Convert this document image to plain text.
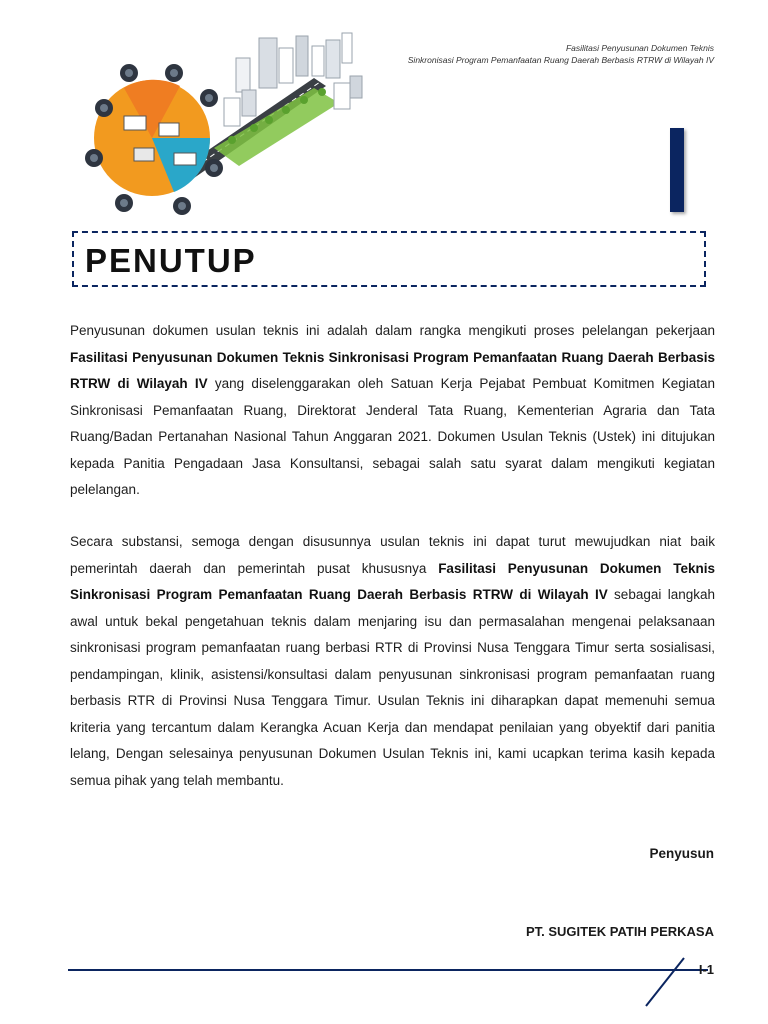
Fasilitasi Penyusunan Dokumen Teknis
Sinkronisasi Program Pemanfaatan Ruang Daerah Berbasis RTRW di Wilayah IV
PENUTUP
Penyusunan dokumen usulan teknis ini adalah dalam rangka mengikuti proses pelelangan pekerjaan Fasilitasi Penyusunan Dokumen Teknis Sinkronisasi Program Pemanfaatan Ruang Daerah Berbasis RTRW di Wilayah IV yang diselenggarakan oleh Satuan Kerja Pejabat Pembuat Komitmen Kegiatan Sinkronisasi Pemanfaatan Ruang, Direktorat Jenderal Tata Ruang, Kementerian Agraria dan Tata Ruang/Badan Pertanahan Nasional Tahun Anggaran 2021. Dokumen Usulan Teknis (Ustek) ini ditujukan kepada Panitia Pengadaan Jasa Konsultansi, sebagai salah satu syarat dalam mengikuti kegiatan pelelangan.
Secara substansi, semoga dengan disusunnya usulan teknis ini dapat turut mewujudkan niat baik pemerintah daerah dan pemerintah pusat khususnya Fasilitasi Penyusunan Dokumen Teknis Sinkronisasi Program Pemanfaatan Ruang Daerah Berbasis RTRW di Wilayah IV sebagai langkah awal untuk bekal pengetahuan teknis dalam menjaring isu dan permasalahan mengenai pelaksanaan sinkronisasi program pemanfaatan ruang berbasi RTR di Provinsi Nusa Tenggara Timur serta sosialisasi, pendampingan, klinik, asistensi/konsultasi dalam penyusunan sinkronisasi program pemanfaatan ruang berbasis RTR di Provinsi Nusa Tenggara Timur. Usulan Teknis ini diharapkan dapat memenuhi semua kriteria yang tercantum dalam Kerangka Acuan Kerja dan mendapat penilaian yang obyektif dari panitia lelang, Dengan selesainya penyusunan Dokumen Usulan Teknis ini, kami ucapkan terima kasih kepada semua pihak yang telah membantu.
Penyusun
PT. SUGITEK PATIH PERKASA
I-1
